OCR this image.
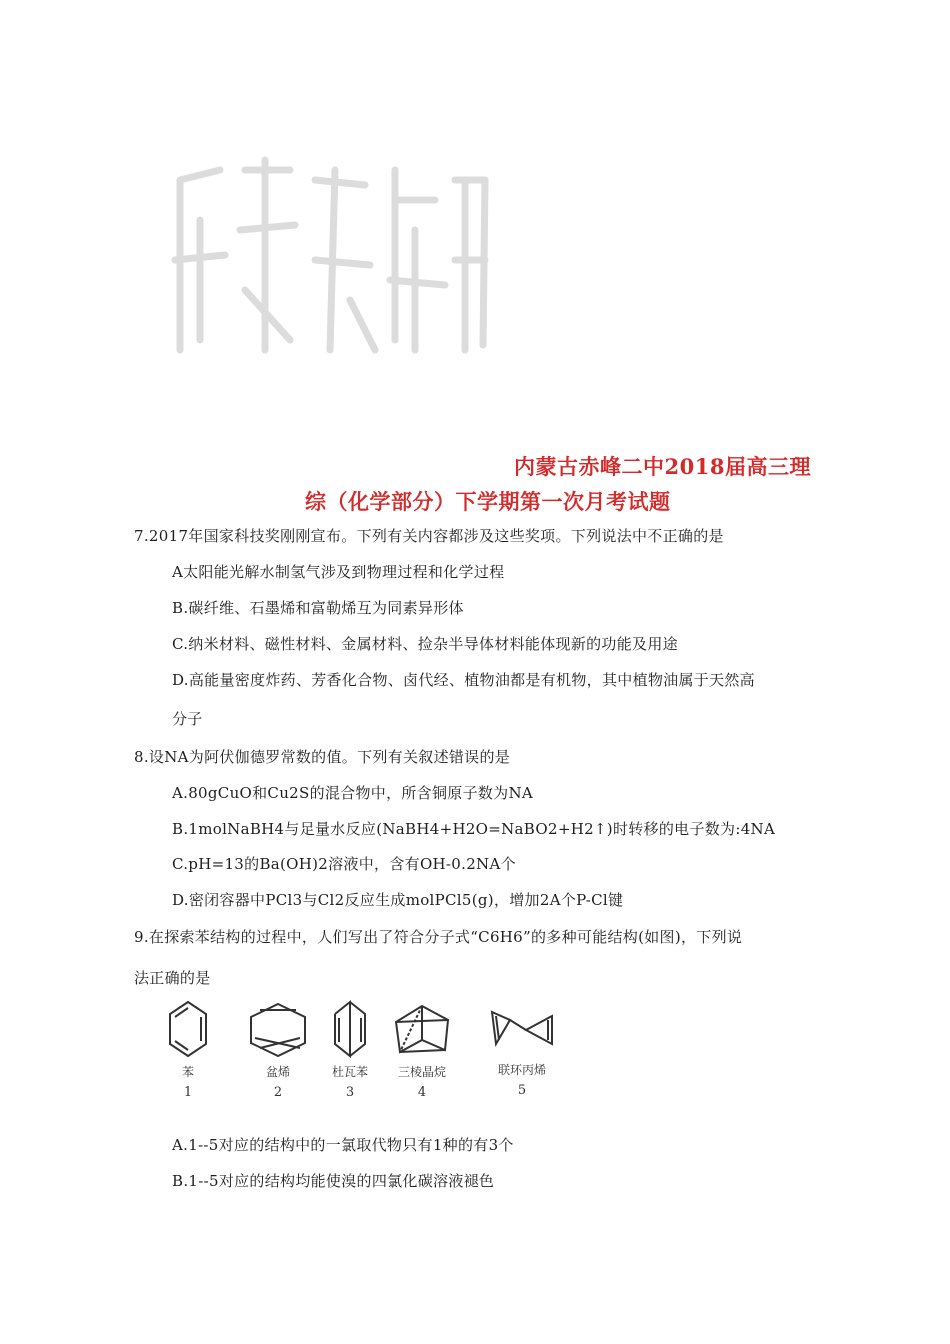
内蒙古赤峰二中2018届高三理
综（化学部分）下学期第一次月考试题
7.2017年国家科技奖刚刚宣布。下列有关内容都涉及这些奖项。下列说法中不正确的是
A太阳能光解水制氢气涉及到物理过程和化学过程
B.碳纤维、石墨烯和富勒烯互为同素异形体
C.纳米材料、磁性材料、金属材料、捡杂半导体材料能体现新的功能及用途
D.高能量密度炸药、芳香化合物、卤代经、植物油都是有机物，其中植物油属于天然高
分子
8.设NA为阿伏伽德罗常数的值。下列有关叙述错误的是
A.80gCuO和Cu2S的混合物中，所含铜原子数为NA
B.1molNaBH4与足量水反应(NaBH4+H2O=NaBO2+H2↑)时转移的电子数为:4NA
C.pH=13的Ba(OH)2溶液中，含有OH-0.2NA个
D.密闭容器中PCl3与Cl2反应生成molPCl5(g)，增加2A个P-Cl键
9.在探索苯结构的过程中，人们写出了符合分子式“C6H6”的多种可能结构(如图)，下列说
法正确的是
苯
1
盆烯
2
杜瓦苯
3
三棱晶烷
4
联环丙烯
5
A.1--5对应的结构中的一氯取代物只有1种的有3个
B.1--5对应的结构均能使溴的四氯化碳溶液褪色
